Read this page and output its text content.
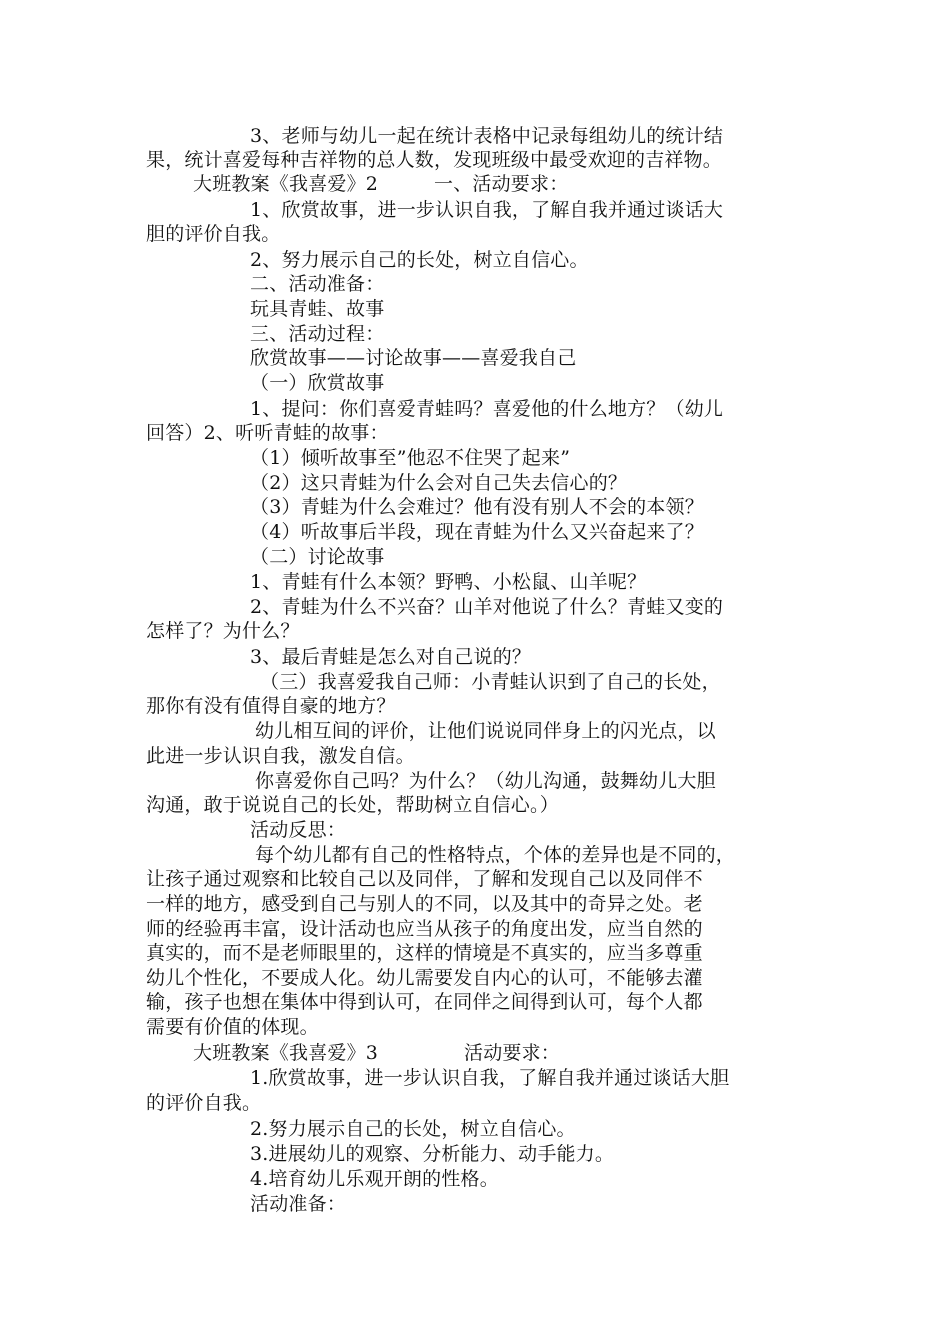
3、老师与幼儿一起在统计表格中记录每组幼儿的统计结
果，统计喜爱每种吉祥物的总人数，发现班级中最受欢迎的吉祥物。
大班教案《我喜爱》2	一、活动要求：
1、欣赏故事，进一步认识自我，了解自我并通过谈话大
胆的评价自我。
2、努力展示自己的长处，树立自信心。
二、活动准备：
玩具青蛙、故事
三、活动过程：
欣赏故事——讨论故事——喜爱我自己
（一）欣赏故事
1、提问：你们喜爱青蛙吗？喜爱他的什么地方？（幼儿
回答）2、听听青蛙的故事：
（1）倾听故事至”他忍不住哭了起来”
（2）这只青蛙为什么会对自己失去信心的？
（3）青蛙为什么会难过？他有没有别人不会的本领？
（4）听故事后半段，现在青蛙为什么又兴奋起来了？
（二）讨论故事
1、青蛙有什么本领？野鸭、小松鼠、山羊呢？
2、青蛙为什么不兴奋？山羊对他说了什么？青蛙又变的
怎样了？为什么？
3、最后青蛙是怎么对自己说的？
（三）我喜爱我自己师：小青蛙认识到了自己的长处，
那你有没有值得自豪的地方？
幼儿相互间的评价，让他们说说同伴身上的闪光点，以
此进一步认识自我，激发自信。
你喜爱你自己吗？为什么？（幼儿沟通，鼓舞幼儿大胆
沟通，敢于说说自己的长处，帮助树立自信心。）
活动反思：
每个幼儿都有自己的性格特点，个体的差异也是不同的，
让孩子通过观察和比较自己以及同伴，了解和发现自己以及同伴不
一样的地方，感受到自己与别人的不同，以及其中的奇异之处。老
师的经验再丰富，设计活动也应当从孩子的角度出发，应当自然的
真实的，而不是老师眼里的，这样的情境是不真实的，应当多尊重
幼儿个性化，不要成人化。幼儿需要发自内心的认可，不能够去灌
输，孩子也想在集体中得到认可，在同伴之间得到认可，每个人都
需要有价值的体现。
大班教案《我喜爱》3	活动要求：
1.欣赏故事，进一步认识自我，了解自我并通过谈话大胆
的评价自我。
2.努力展示自己的长处，树立自信心。
3.进展幼儿的观察、分析能力、动手能力。
4.培育幼儿乐观开朗的性格。
活动准备：
